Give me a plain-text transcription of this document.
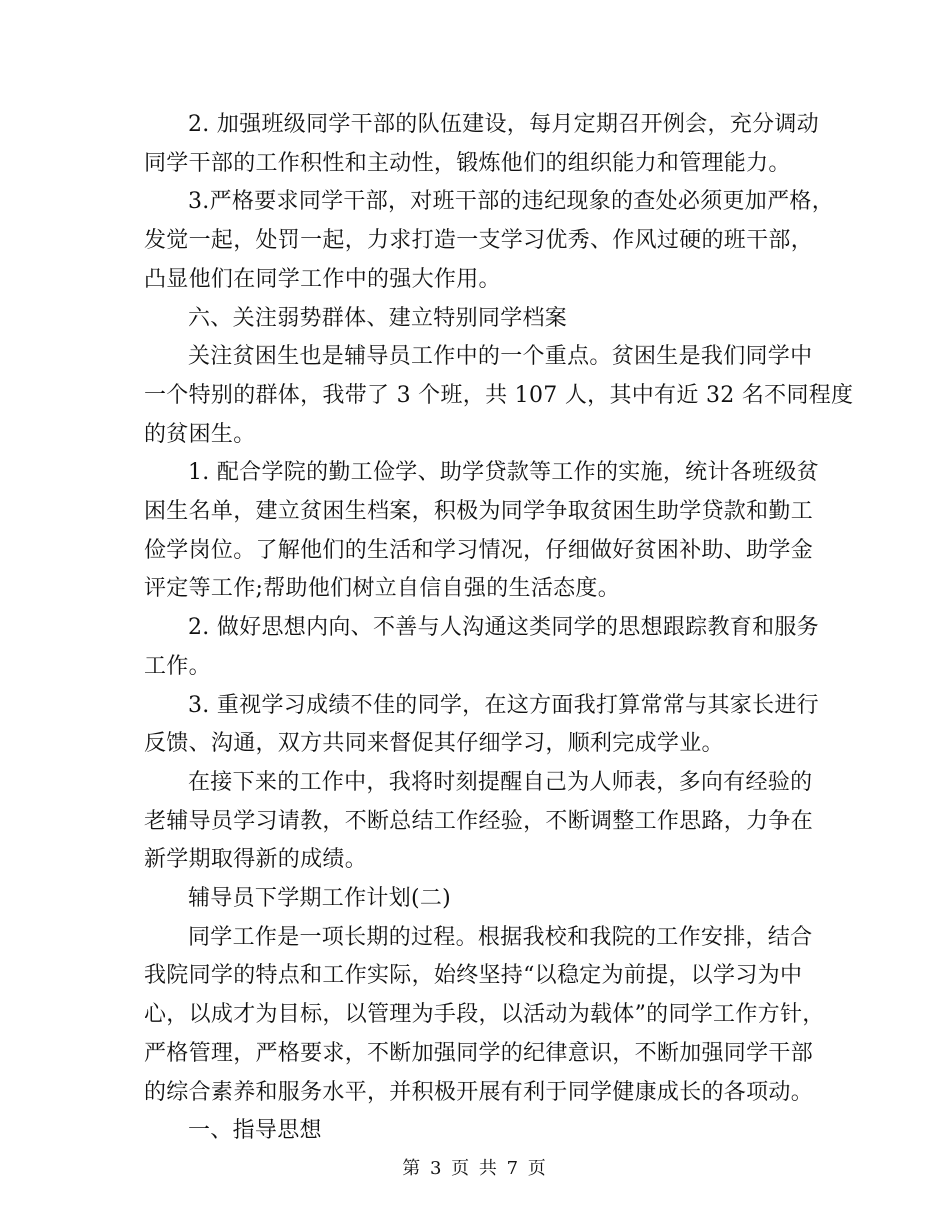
2. 加强班级同学干部的队伍建设，每月定期召开例会，充分调动
同学干部的工作积性和主动性，锻炼他们的组织能力和管理能力。
3.严格要求同学干部，对班干部的违纪现象的查处必须更加严格，
发觉一起，处罚一起，力求打造一支学习优秀、作风过硬的班干部，
凸显他们在同学工作中的强大作用。
六、关注弱势群体、建立特别同学档案
关注贫困生也是辅导员工作中的一个重点。贫困生是我们同学中
一个特别的群体，我带了 3 个班，共 107 人，其中有近 32 名不同程度
的贫困生。
1. 配合学院的勤工俭学、助学贷款等工作的实施，统计各班级贫
困生名单，建立贫困生档案，积极为同学争取贫困生助学贷款和勤工
俭学岗位。了解他们的生活和学习情况，仔细做好贫困补助、助学金
评定等工作;帮助他们树立自信自强的生活态度。
2. 做好思想内向、不善与人沟通这类同学的思想跟踪教育和服务
工作。
3. 重视学习成绩不佳的同学，在这方面我打算常常与其家长进行
反馈、沟通，双方共同来督促其仔细学习，顺利完成学业。
在接下来的工作中，我将时刻提醒自己为人师表，多向有经验的
老辅导员学习请教，不断总结工作经验，不断调整工作思路，力争在
新学期取得新的成绩。
辅导员下学期工作计划(二)
同学工作是一项长期的过程。根据我校和我院的工作安排，结合
我院同学的特点和工作实际，始终坚持“以稳定为前提，以学习为中
心，以成才为目标，以管理为手段，以活动为载体”的同学工作方针，
严格管理，严格要求，不断加强同学的纪律意识，不断加强同学干部
的综合素养和服务水平，并积极开展有利于同学健康成长的各项动。
一、指导思想
第 3 页 共 7 页
